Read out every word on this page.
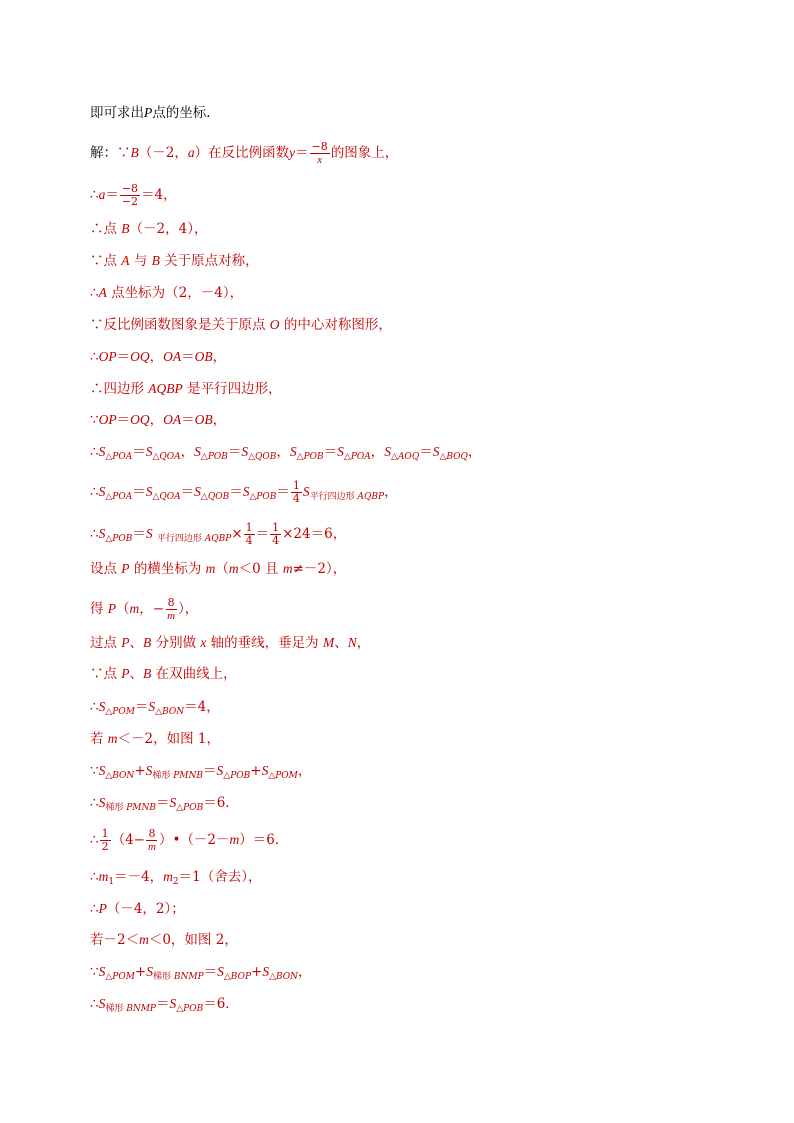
即可求出P点的坐标．
解：∵B（－2，a）在反比例函数$y= \frac{-8}{x}$ 的图象上，
∴a＝ $\frac{-8}{-2} =4$，
∴点 B（－2，4），
∵点 A 与 B 关于原点对称，
∴A 点坐标为（2，－4），
∵反比例函数图象是关于原点 O 的中心对称图形，
∴OP＝OQ，OA＝OB，
∴四边形 AQBP 是平行四边形，
∵OP＝OQ，OA＝OB，
$\therefore S_{\triangle POA}=S_{\triangle QOA}$，$S_{\triangle POB}=S_{\triangle QOB}$，$S_{\triangle POB}=S_{\triangle POA}$，$S_{\triangle AOQ}=S_{\triangle BOQ}$，
$\therefore S_{\triangle POA}=S_{\triangle QOA}=S_{\triangle QOB}=S_{\triangle POB}= \frac{1}{4} S_{平行四边形 AQBP}$，
$\therefore S_{\triangle POB}=S$ $_{平行四边形 AQBP}\times \frac{1}{4} = \frac{1}{4} \times 24=6$，
设点 P 的横坐标为 m（m＜0 且 m≠－2），
得 P（m，− $\frac{8}{m}$ ），
过点 P、B 分别做 x 轴的垂线，垂足为 M、N，
∵点 P、B 在双曲线上，
$\therefore S_{\triangle POM}=S_{\triangle BON}=4$，
若 m＜－2，如图 1，
$\because S_{\triangle BON}+S_{梯形 PMNB}=S_{\triangle POB}+S_{\triangle POM}$，
$\therefore S_{梯形 PMNB}=S_{\triangle POB}=6$．
∴ $\frac{1}{2} (4- \frac{8}{m}$ ）•（－2－m）＝6．
$\therefore m_1=-4$，$m_2=1$（舍去），
∴P（－4，2）；
若－2＜m＜0，如图 2，
$\because S_{\triangle POM}+S_{梯形 BNMP}=S_{\triangle BOP}+S_{\triangle BON}$，
$\therefore S_{梯形 BNMP}=S_{\triangle POB}=6$．
